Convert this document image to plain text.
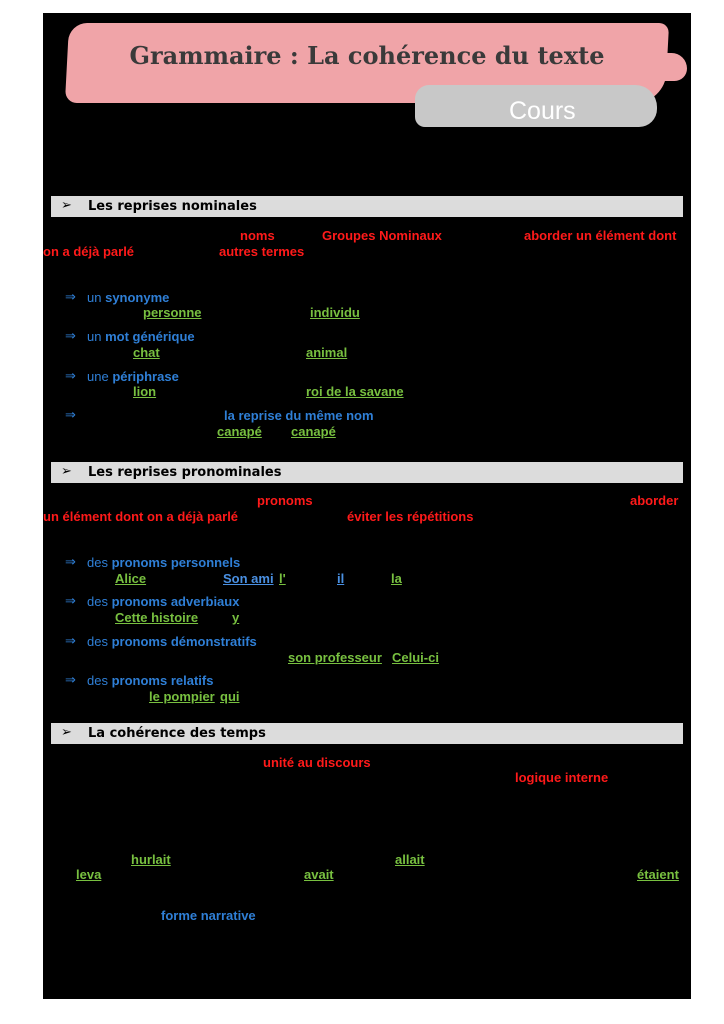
Grammaire : La cohérence du texte
Cours
➢ Les reprises nominales
noms	Groupes Nominaux	aborder un élément dont
on a déjà parlé	autres termes
⇒ un synonyme
personne	individu
⇒ un mot générique
chat	animal
⇒ une périphrase
lion	roi de la savane
⇒	la reprise du même nom
canapé canapé
➢ Les reprises pronominales
pronoms	aborder
un élément dont on a déjà parlé	éviter les répétitions
⇒ des pronoms personnels
Alice	Son ami l'	il	la
⇒ des pronoms adverbiaux
Cette histoire	y
⇒ des pronoms démonstratifs
son professeur Celui-ci
⇒ des pronoms relatifs
le pompier qui
➢ La cohérence des temps
unité au discours
logique interne
hurlait	allait
leva	avait	étaient
forme narrative
